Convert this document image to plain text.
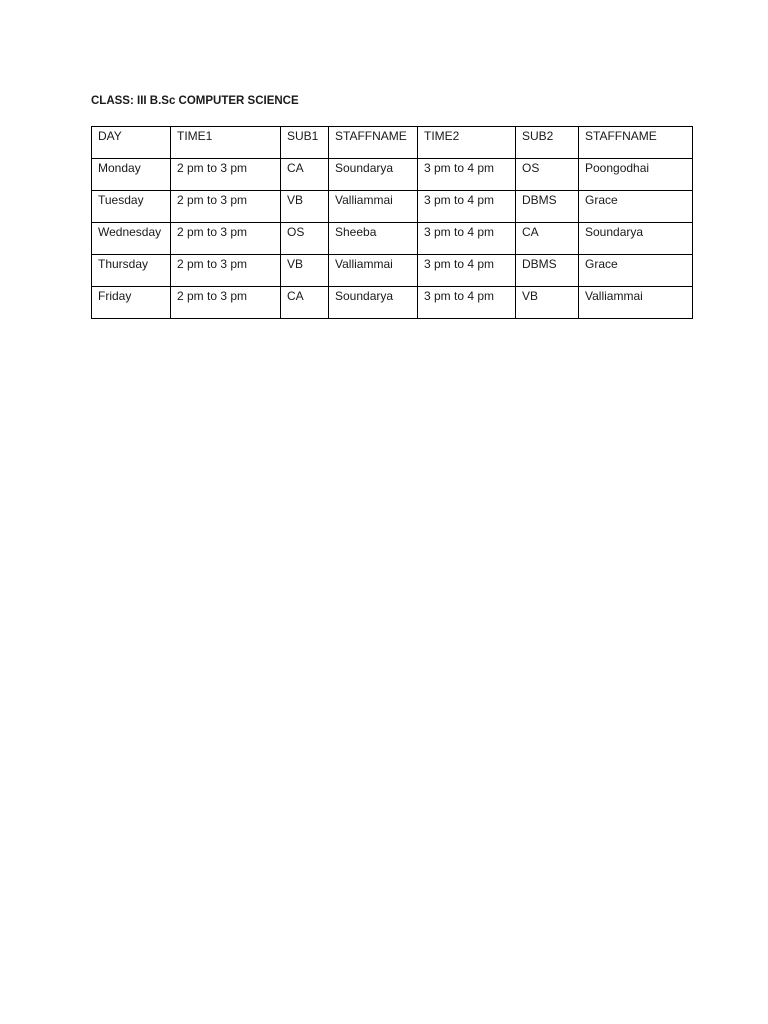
CLASS: III B.Sc COMPUTER SCIENCE
DAY	TIME1	SUB1	STAFFNAME	TIME2	SUB2	STAFFNAME
Monday	2 pm to 3 pm	CA	Soundarya	3 pm to 4 pm	OS	Poongodhai
Tuesday	2 pm to 3 pm	VB	Valliammai	3 pm to 4 pm	DBMS	Grace
Wednesday	2 pm to 3 pm	OS	Sheeba	3 pm to 4 pm	CA	Soundarya
Thursday	2 pm to 3 pm	VB	Valliammai	3 pm to 4 pm	DBMS	Grace
Friday	2 pm to 3 pm	CA	Soundarya	3 pm to 4 pm	VB	Valliammai
